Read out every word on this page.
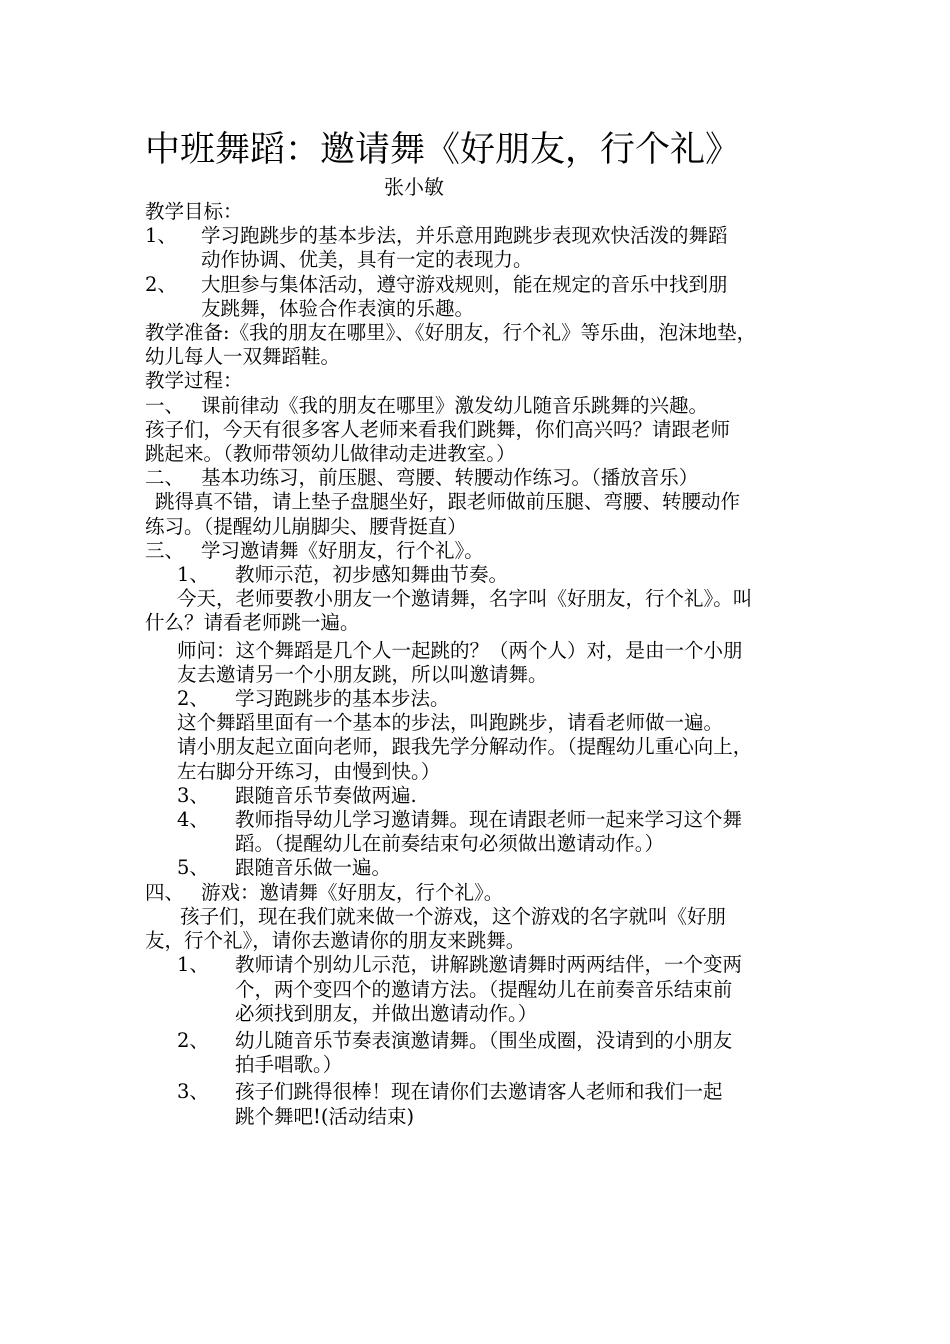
中班舞蹈：邀请舞《好朋友，行个礼》
张小敏

教学目标：

1、	学习跑跳步的基本步法，并乐意用跑跳步表现欢快活泼的舞蹈
动作协调、优美，具有一定的表现力。
2、	大胆参与集体活动，遵守游戏规则，能在规定的音乐中找到朋
友跳舞，体验合作表演的乐趣。

教学准备:《我的朋友在哪里》、《好朋友，行个礼》等乐曲，泡沫地垫，

幼儿每人一双舞蹈鞋。

教学过程：

一、 课前律动《我的朋友在哪里》激发幼儿随音乐跳舞的兴趣。

孩子们，今天有很多客人老师来看我们跳舞，你们高兴吗？请跟老师

跳起来。（教师带领幼儿做律动走进教室。）

二、 基本功练习，前压腿、弯腰、转腰动作练习。（播放音乐）

跳得真不错，请上垫子盘腿坐好，跟老师做前压腿、弯腰、转腰动作

练习。（提醒幼儿崩脚尖、腰背挺直）

三、 学习邀请舞《好朋友，行个礼》。
1、	教师示范，初步感知舞曲节奏。

今天，老师要教小朋友一个邀请舞，名字叫《好朋友，行个礼》。叫

什么？请看老师跳一遍。

师问：这个舞蹈是几个人一起跳的？（两个人）对，是由一个小朋

友去邀请另一个小朋友跳，所以叫邀请舞。

2、	学习跑跳步的基本步法。

这个舞蹈里面有一个基本的步法，叫跑跳步，请看老师做一遍。

请小朋友起立面向老师，跟我先学分解动作。（提醒幼儿重心向上，

左右脚分开练习，由慢到快。）

3、	跟随音乐节奏做两遍.
4、	教师指导幼儿学习邀请舞。现在请跟老师一起来学习这个舞
蹈。（提醒幼儿在前奏结束句必须做出邀请动作。）
5、	跟随音乐做一遍。
四、 游戏：邀请舞《好朋友，行个礼》。

孩子们，现在我们就来做一个游戏，这个游戏的名字就叫《好朋

友，行个礼》，请你去邀请你的朋友来跳舞。

1、	教师请个别幼儿示范，讲解跳邀请舞时两两结伴，一个变两
个，两个变四个的邀请方法。（提醒幼儿在前奏音乐结束前
必须找到朋友，并做出邀请动作。）
2、	幼儿随音乐节奏表演邀请舞。（围坐成圈，没请到的小朋友
拍手唱歌。）
3、	孩子们跳得很棒！现在请你们去邀请客人老师和我们一起
跳个舞吧!(活动结束)
